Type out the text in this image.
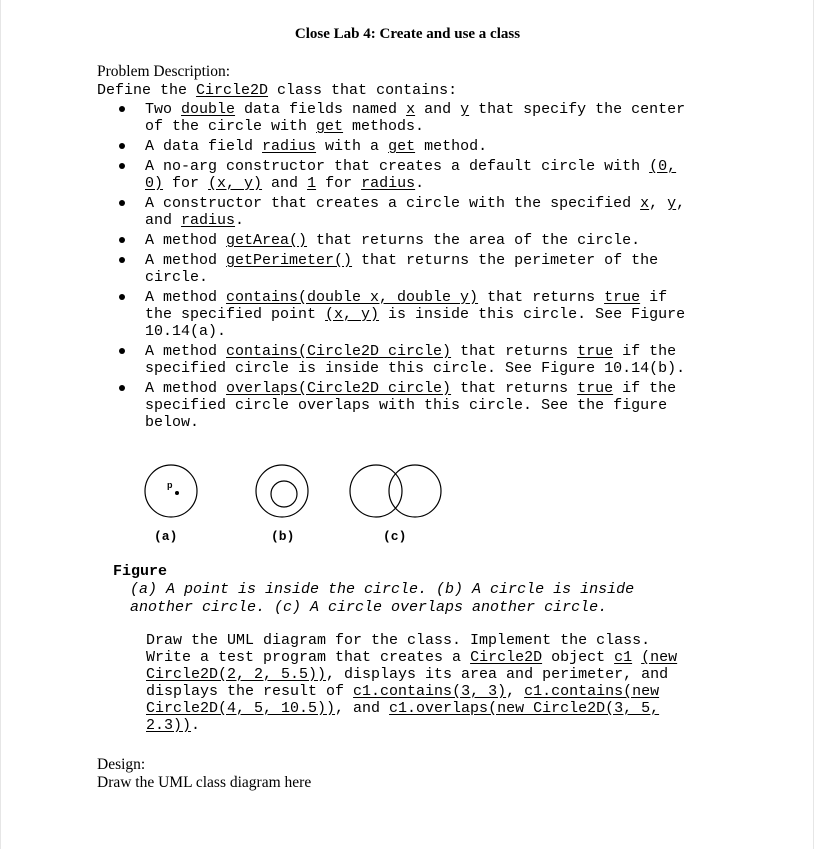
Close Lab 4: Create and use a class
Problem Description:
Define the Circle2D class that contains:
Two double data fields named x and y that specify the center
of the circle with get methods.
A data field radius with a get method.
A no-arg constructor that creates a default circle with (0,
0) for (x, y) and 1 for radius.
A constructor that creates a circle with the specified x, y,
and radius.
A method getArea() that returns the area of the circle.
A method getPerimeter() that returns the perimeter of the
circle.
A method contains(double x, double y) that returns true if
the specified point (x, y) is inside this circle. See Figure
10.14(a).
A method contains(Circle2D circle) that returns true if the
specified circle is inside this circle. See Figure 10.14(b).
A method overlaps(Circle2D circle) that returns true if the
specified circle overlaps with this circle. See the figure
below.
p
(a)	(b)	(c)
Figure
(a) A point is inside the circle. (b) A circle is inside
another circle. (c) A circle overlaps another circle.
Draw the UML diagram for the class. Implement the class.
Write a test program that creates a Circle2D object c1 (new
Circle2D(2, 2, 5.5)), displays its area and perimeter, and
displays the result of c1.contains(3, 3), c1.contains(new
Circle2D(4, 5, 10.5)), and c1.overlaps(new Circle2D(3, 5,
2.3)).
Design:
Draw the UML class diagram here
